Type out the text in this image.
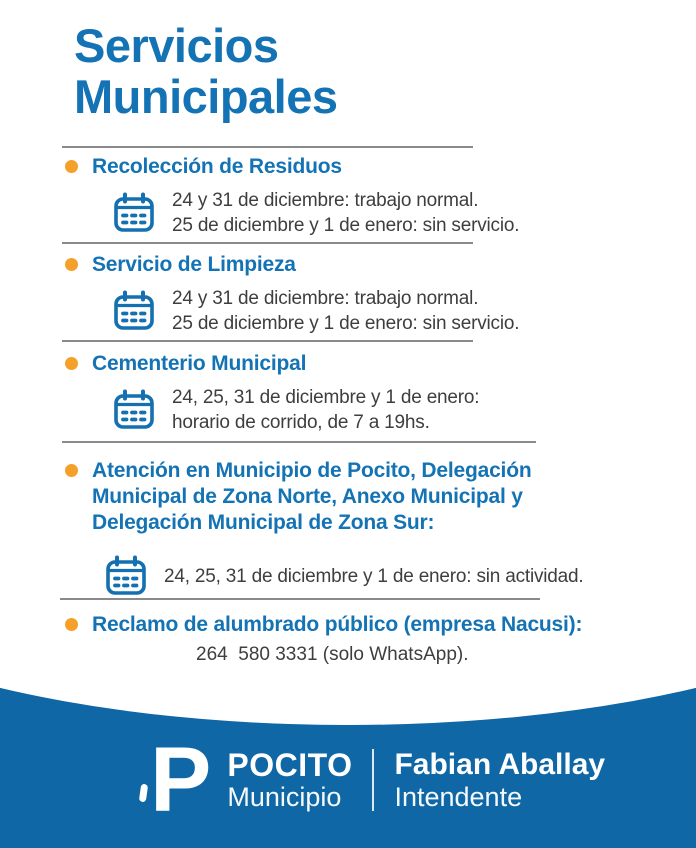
Servicios
Municipales
Recolección de Residuos

24 y 31 de diciembre: trabajo normal.

25 de diciembre y 1 de enero: sin servicio.

Servicio de Limpieza

24 y 31 de diciembre: trabajo normal.

25 de diciembre y 1 de enero: sin servicio.

Cementerio Municipal

24, 25, 31 de diciembre y 1 de enero:

horario de corrido, de 7 a 19hs.

Atención en Municipio de Pocito, Delegación Municipal de Zona Norte, Anexo Municipal y Delegación Municipal de Zona Sur:

24, 25, 31 de diciembre y 1 de enero: sin actividad.

Reclamo de alumbrado público (empresa Nacusi):

264  580 3331 (solo WhatsApp).

P POCITO
Municipio
Fabian Aballay
Intendente
